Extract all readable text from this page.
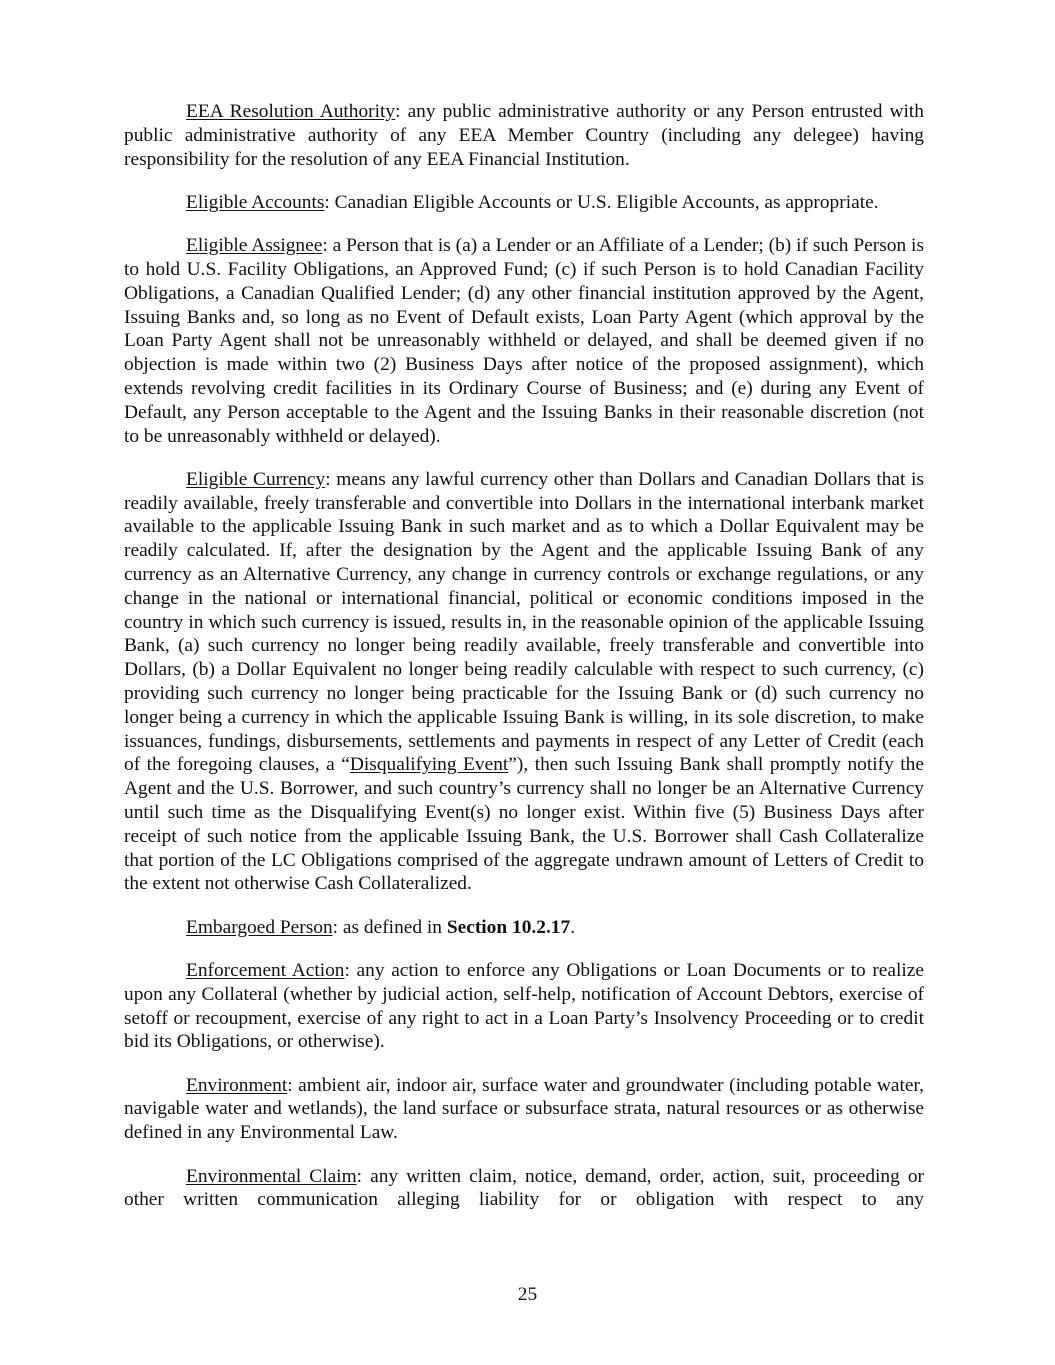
EEA Resolution Authority: any public administrative authority or any Person entrusted with public administrative authority of any EEA Member Country (including any delegee) having responsibility for the resolution of any EEA Financial Institution.

Eligible Accounts: Canadian Eligible Accounts or U.S. Eligible Accounts, as appropriate.

Eligible Assignee: a Person that is (a) a Lender or an Affiliate of a Lender; (b) if such Person is to hold U.S. Facility Obligations, an Approved Fund; (c) if such Person is to hold Canadian Facility Obligations, a Canadian Qualified Lender; (d) any other financial institution approved by the Agent, Issuing Banks and, so long as no Event of Default exists, Loan Party Agent (which approval by the Loan Party Agent shall not be unreasonably withheld or delayed, and shall be deemed given if no objection is made within two (2) Business Days after notice of the proposed assignment), which extends revolving credit facilities in its Ordinary Course of Business; and (e) during any Event of Default, any Person acceptable to the Agent and the Issuing Banks in their reasonable discretion (not to be unreasonably withheld or delayed).

Eligible Currency: means any lawful currency other than Dollars and Canadian Dollars that is readily available, freely transferable and convertible into Dollars in the international interbank market available to the applicable Issuing Bank in such market and as to which a Dollar Equivalent may be readily calculated. If, after the designation by the Agent and the applicable Issuing Bank of any currency as an Alternative Currency, any change in currency controls or exchange regulations, or any change in the national or international financial, political or economic conditions imposed in the country in which such currency is issued, results in, in the reasonable opinion of the applicable Issuing Bank, (a) such currency no longer being readily available, freely transferable and convertible into Dollars, (b) a Dollar Equivalent no longer being readily calculable with respect to such currency, (c) providing such currency no longer being practicable for the Issuing Bank or (d) such currency no longer being a currency in which the applicable Issuing Bank is willing, in its sole discretion, to make issuances, fundings, disbursements, settlements and payments in respect of any Letter of Credit (each of the foregoing clauses, a “Disqualifying Event”), then such Issuing Bank shall promptly notify the Agent and the U.S. Borrower, and such country’s currency shall no longer be an Alternative Currency until such time as the Disqualifying Event(s) no longer exist. Within five (5) Business Days after receipt of such notice from the applicable Issuing Bank, the U.S. Borrower shall Cash Collateralize that portion of the LC Obligations comprised of the aggregate undrawn amount of Letters of Credit to the extent not otherwise Cash Collateralized.

Embargoed Person: as defined in Section 10.2.17.

Enforcement Action: any action to enforce any Obligations or Loan Documents or to realize upon any Collateral (whether by judicial action, self-help, notification of Account Debtors, exercise of setoff or recoupment, exercise of any right to act in a Loan Party’s Insolvency Proceeding or to credit bid its Obligations, or otherwise).

Environment: ambient air, indoor air, surface water and groundwater (including potable water, navigable water and wetlands), the land surface or subsurface strata, natural resources or as otherwise defined in any Environmental Law.

Environmental Claim: any written claim, notice, demand, order, action, suit, proceeding or other written communication alleging liability for or obligation with respect to any

25
